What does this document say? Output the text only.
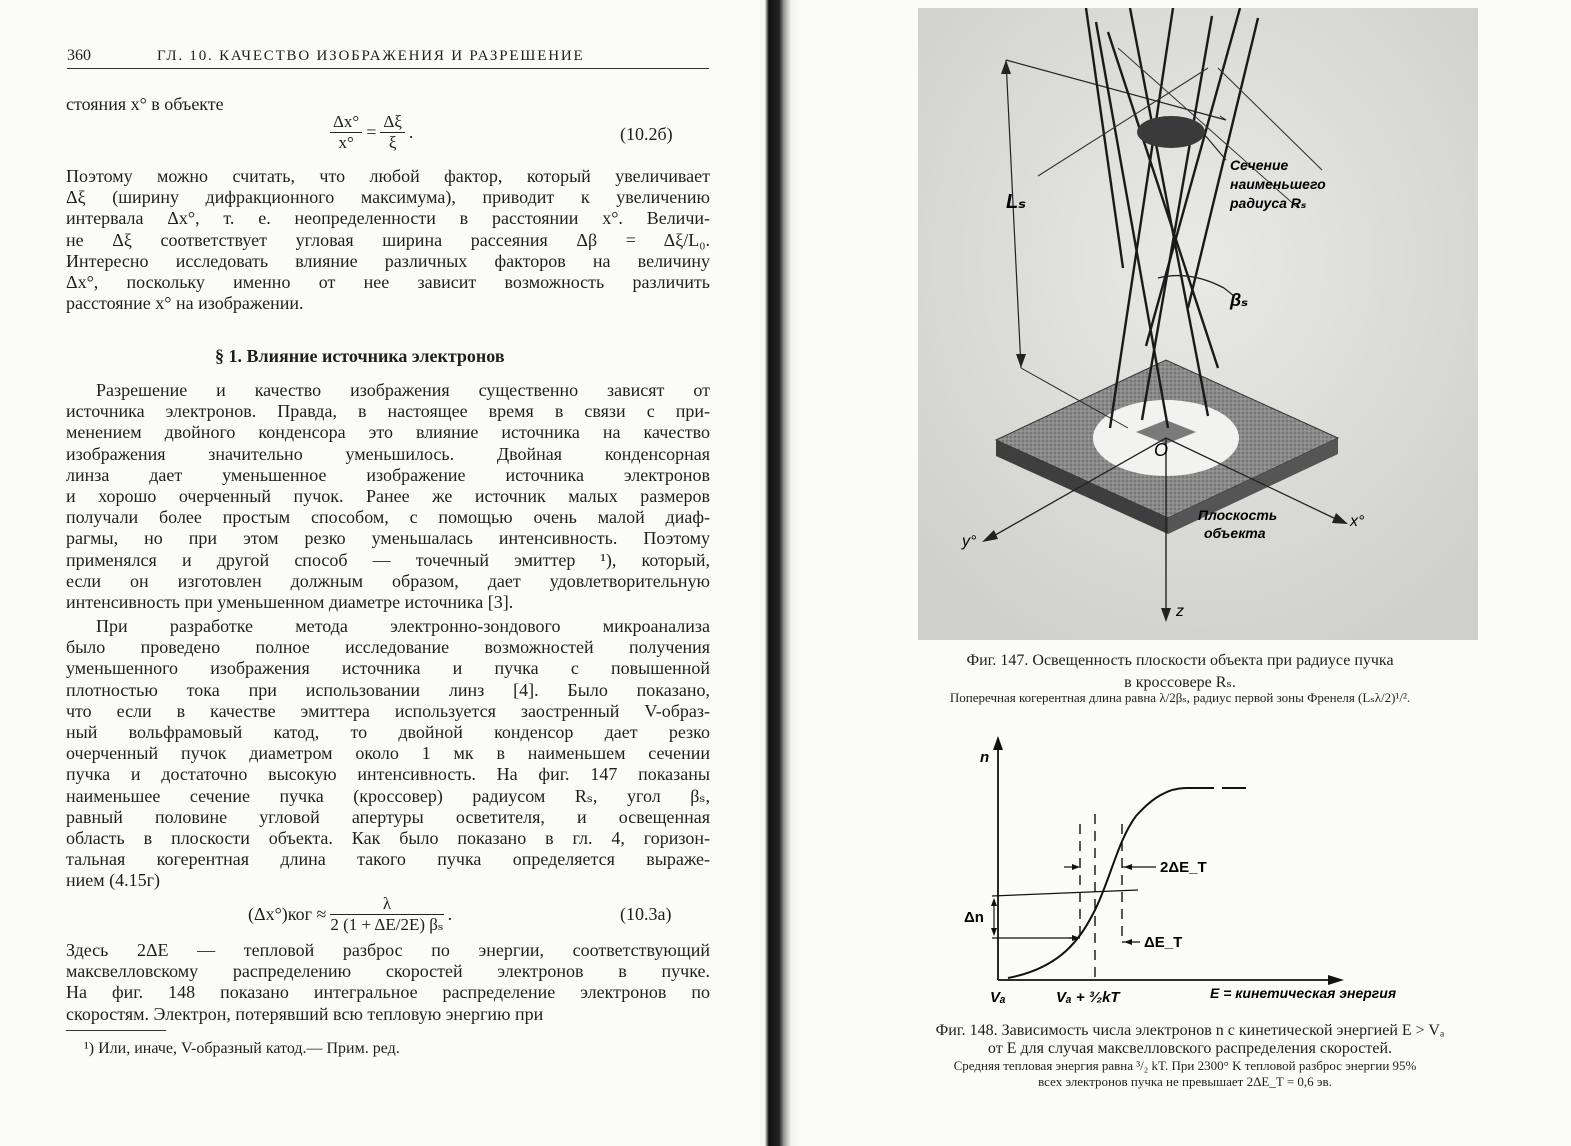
360	ГЛ. 10. КАЧЕСТВО ИЗОБРАЖЕНИЯ И РАЗРЕШЕНИЕ
стояния x° в объекте
$\frac{\Delta x^\circ}{x^\circ} = \frac{\Delta\xi}{\xi}$ .	(10.2б)
Поэтому можно считать, что любой фактор, который увеличивает
Δξ (ширину дифракционного максимума), приводит к увеличению
интервала Δx°, т. е. неопределенности в расстоянии x°. Величи-
не Δξ соответствует угловая ширина рассеяния Δβ = Δξ/L₀.
Интересно исследовать влияние различных факторов на величину
Δx°, поскольку именно от нее зависит возможность различить
расстояние x° на изображении.
§ 1. Влияние источника электронов
Разрешение и качество изображения существенно зависят от
источника электронов. Правда, в настоящее время в связи с при-
менением двойного конденсора это влияние источника на качество
изображения значительно уменьшилось. Двойная конденсорная
линза дает уменьшенное изображение источника электронов
и хорошо очерченный пучок. Ранее же источник малых размеров
получали более простым способом, с помощью очень малой диаф-
рагмы, но при этом резко уменьшалась интенсивность. Поэтому
применялся и другой способ — точечный эмиттер ¹), который,
если он изготовлен должным образом, дает удовлетворительную
интенсивность при уменьшенном диаметре источника [3].
При разработке метода электронно-зондового микроанализа
было проведено полное исследование возможностей получения
уменьшенного изображения источника и пучка с повышенной
плотностью тока при использовании линз [4]. Было показано,
что если в качестве эмиттера используется заостренный V-образ-
ный вольфрамовый катод, то двойной конденсор дает резко
очерченный пучок диаметром около 1 мк в наименьшем сечении
пучка и достаточно высокую интенсивность. На фиг. 147 показаны
наименьшее сечение пучка (кроссовер) радиусом Rₛ, угол βₛ,
равный половине угловой апертуры осветителя, и освещенная
область в плоскости объекта. Как было показано в гл. 4, горизон-
тальная когерентная длина такого пучка определяется выраже-
нием (4.15г)
$(\Delta x^\circ)ког \approx \frac{\lambda}{\text{2 (1 + ΔE/2E) βₛ}}$ .	(10.3а)
Здесь 2ΔE — тепловой разброс по энергии, соответствующий
максвелловскому распределению скоростей электронов в пучке.
На фиг. 148 показано интегральное распределение электронов по
скоростям. Электрон, потерявший всю тепловую энергию при
¹) Или, иначе, V-образный катод.— Прим. ред.
Lₛ
Сечение
наименьшего
радиуса Rₛ
βₛ
O
Плоскость
объекта
x°
y°
z
Фиг. 147. Освещенность плоскости объекта при радиусе пучка
в кроссовере Rₛ.
Поперечная когерентная длина равна λ/2βₛ, радиус первой зоны Френеля (Lₛλ/2)¹/².
n
Δn
2ΔE_T
ΔE_T
Vₐ	Vₐ + ³⁄₂kT	E = кинетическая энергия
Фиг. 148. Зависимость числа электронов n с кинетической энергией E > Vₐ
от E для случая максвелловского распределения скоростей.
Средняя тепловая энергия равна ³/₂ kT. При 2300° K тепловой разброс энергии 95%
всех электронов пучка не превышает 2ΔE_T = 0,6 эв.
